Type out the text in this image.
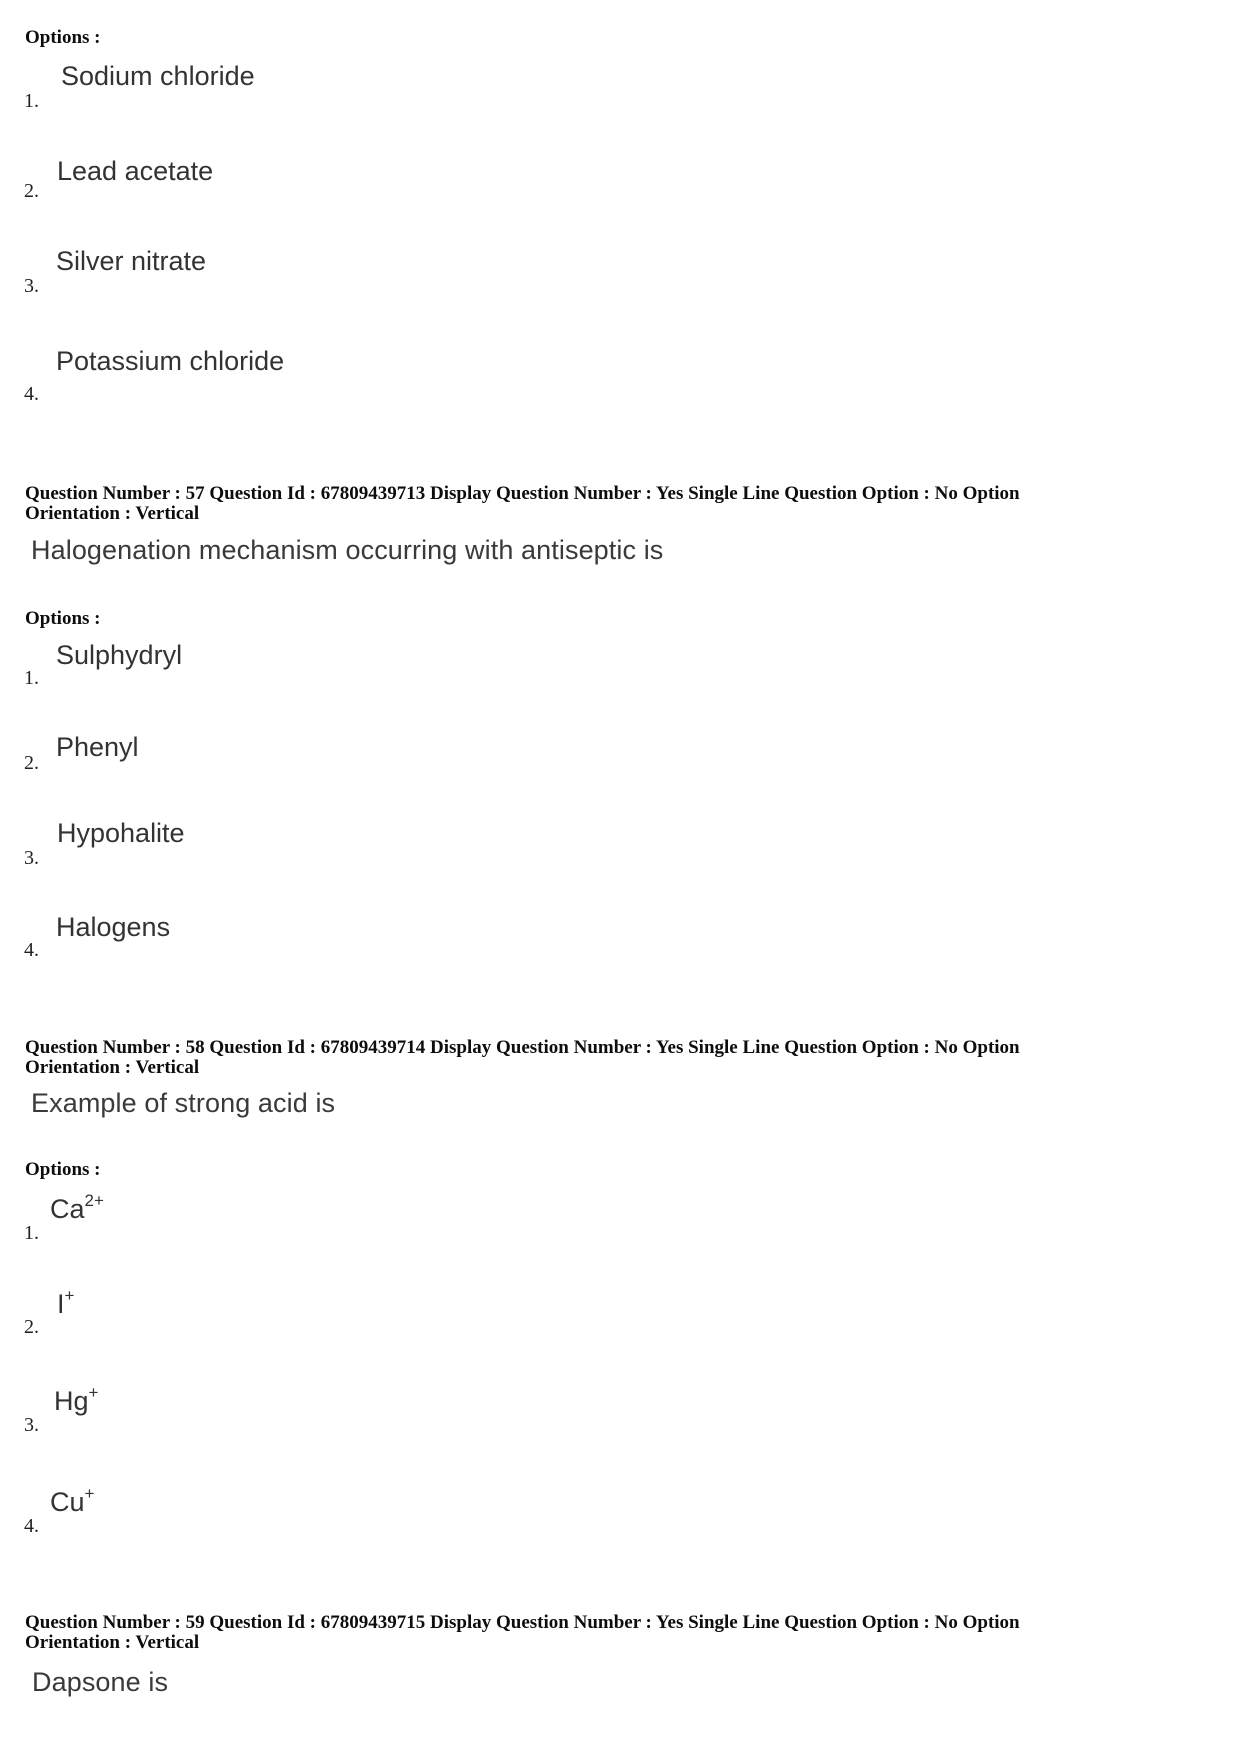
Options :
Sodium chloride
1.
Lead acetate
2.
Silver nitrate
3.
Potassium chloride
4.
Question Number : 57 Question Id : 67809439713 Display Question Number : Yes Single Line Question Option : No Option
Orientation : Vertical
Halogenation mechanism occurring with antiseptic is
Options :
Sulphydryl
1.
Phenyl
2.
Hypohalite
3.
Halogens
4.
Question Number : 58 Question Id : 67809439714 Display Question Number : Yes Single Line Question Option : No Option
Orientation : Vertical
Example of strong acid is
Options :
$Ca^{2+}$
1.
I+
2.
Hg+
3.
Cu+
4.
Question Number : 59 Question Id : 67809439715 Display Question Number : Yes Single Line Question Option : No Option
Orientation : Vertical
Dapsone is
